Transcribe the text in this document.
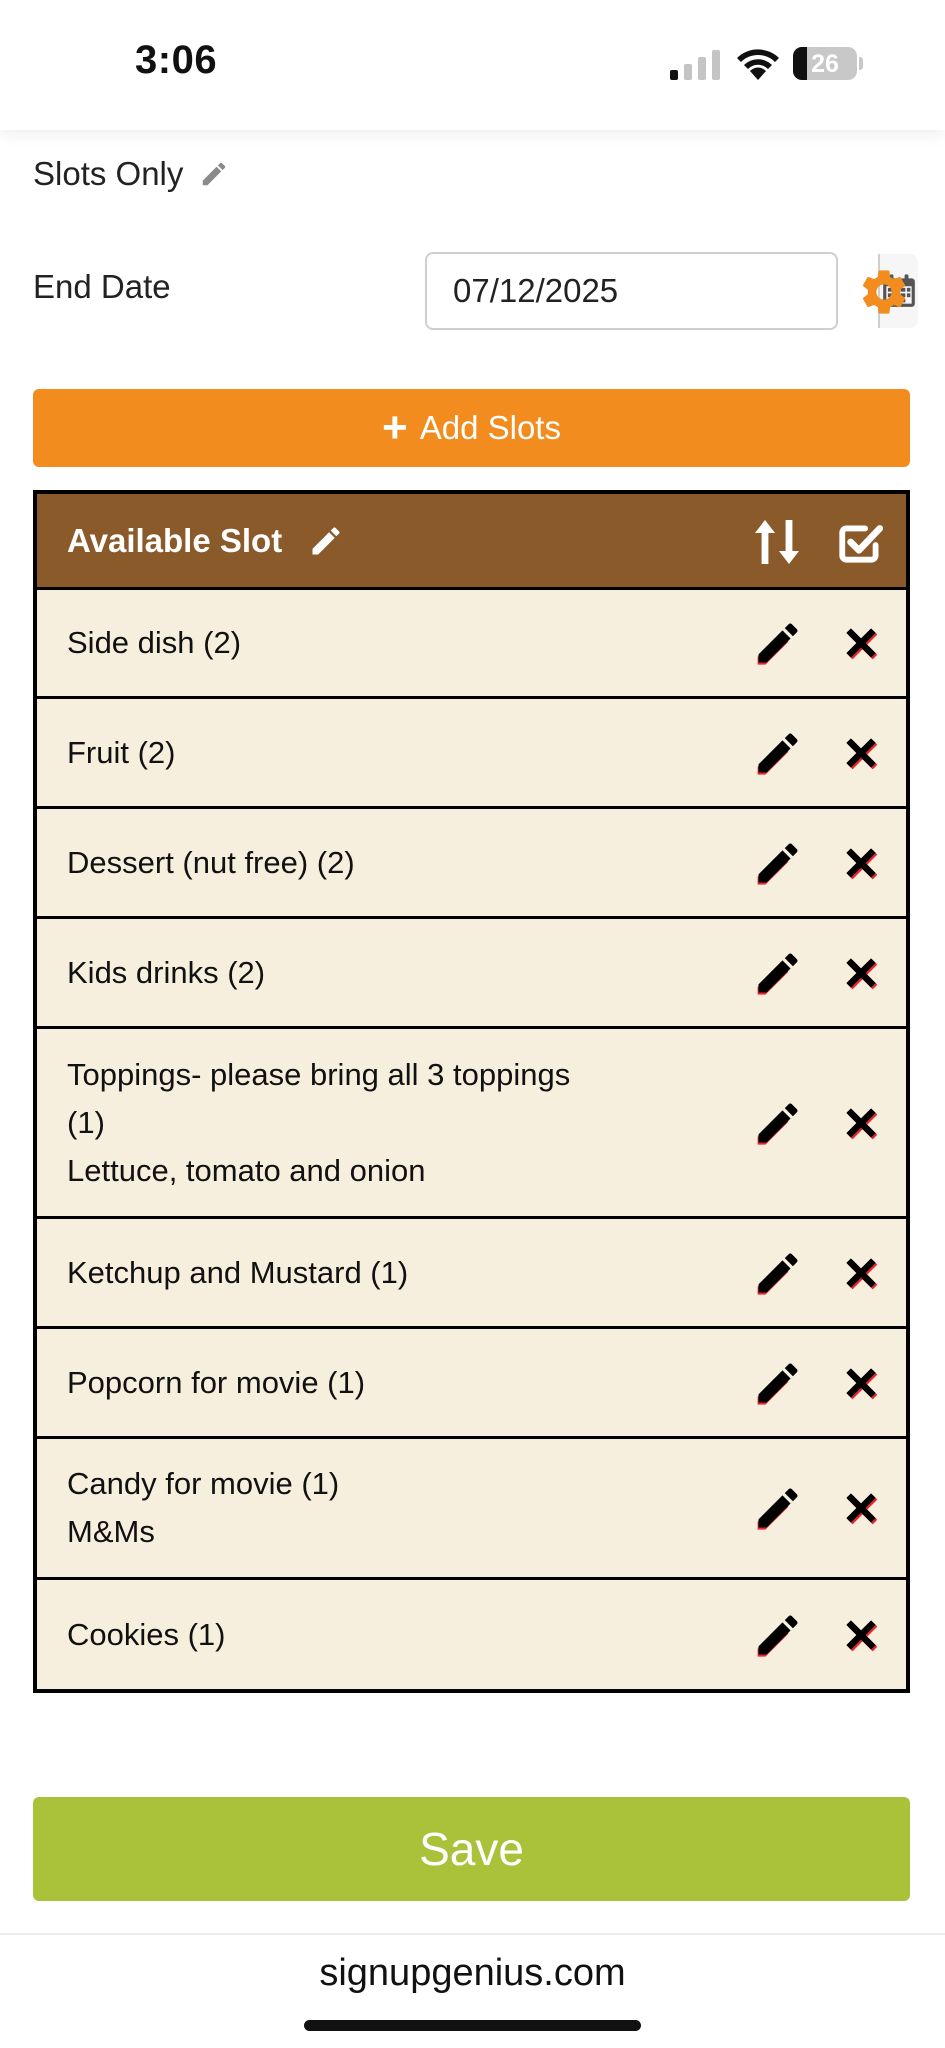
3:06	26
Slots Only
End Date
07/12/2025
+ Add Slots
Available Slot
Side dish (2)
Fruit (2)
Dessert (nut free) (2)
Kids drinks (2)
Toppings- please bring all 3 toppings
(1)
Lettuce, tomato and onion
Ketchup and Mustard (1)
Popcorn for movie (1)
Candy for movie (1)
M&Ms
Cookies (1)
Save
signupgenius.com
